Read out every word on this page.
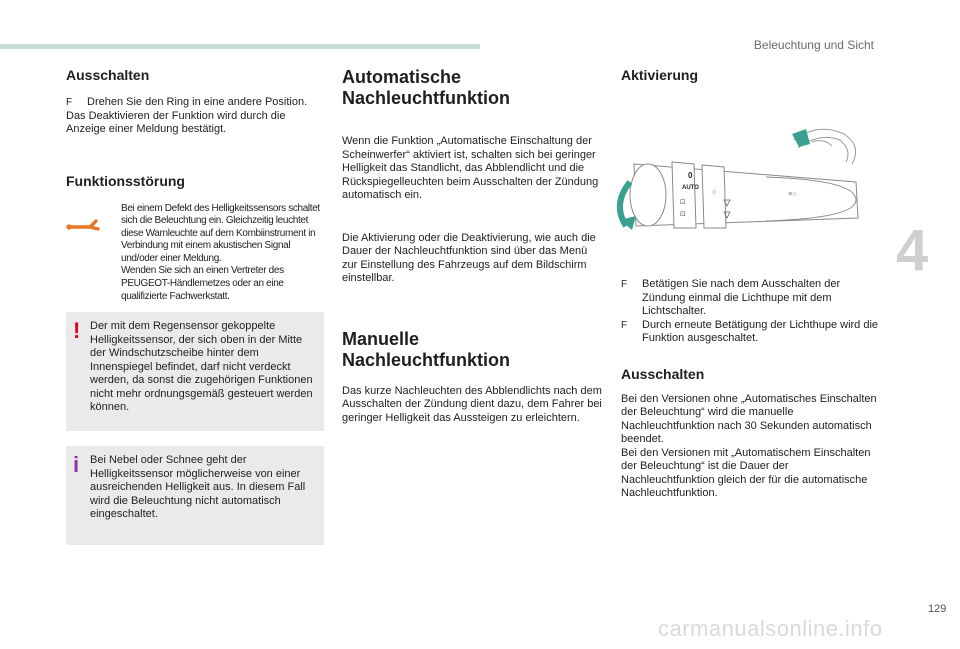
Beleuchtung und Sicht
4
Ausschalten
F	Drehen Sie den Ring in eine andere Position.

Das Deaktivieren der Funktion wird durch die Anzeige einer Meldung bestätigt.

Funktionsstörung

Bei einem Defekt des Helligkeitssensors schaltet sich die Beleuchtung ein. Gleichzeitig leuchtet diese Warnleuchte auf dem Kombiinstrument in Verbindung mit einem akustischen Signal und/oder einer Meldung.

Wenden Sie sich an einen Vertreter des PEUGEOT-Händlernetzes oder an eine qualifizierte Fachwerkstatt.

! Der mit dem Regensensor gekoppelte Helligkeitssensor, der sich oben in der Mitte der Windschutzscheibe hinter dem Innenspiegel befindet, darf nicht verdeckt werden, da sonst die zugehörigen Funktionen nicht mehr ordnungsgemäß gesteuert werden können.
i Bei Nebel oder Schnee geht der Helligkeitssensor möglicherweise von einer ausreichenden Helligkeit aus. In diesem Fall wird die Beleuchtung nicht automatisch eingeschaltet.
Automatische Nachleuchtfunktion

Wenn die Funktion „Automatische Einschaltung der Scheinwerfer“ aktiviert ist, schalten sich bei geringer Helligkeit das Standlicht, das Abblendlicht und die Rückspiegelleuchten beim Ausschalten der Zündung automatisch ein.

Die Aktivierung oder die Deaktivierung, wie auch die Dauer der Nachleuchtfunktion sind über das Menü zur Einstellung des Fahrzeugs auf dem Bildschirm einstellbar.

Manuelle Nachleuchtfunktion

Das kurze Nachleuchten des Abblendlichts nach dem Ausschalten der Zündung dient dazu, dem Fahrer bei geringer Helligkeit das Aussteigen zu erleichtern.

Aktivierung
0
AUTO
⊡
⊡
○	≡○
F	Betätigen Sie nach dem Ausschalten der Zündung einmal die Lichthupe mit dem Lichtschalter.
F	Durch erneute Betätigung der Lichthupe wird die Funktion ausgeschaltet.
Ausschalten

Bei den Versionen ohne „Automatisches Einschalten der Beleuchtung“ wird die manuelle Nachleuchtfunktion nach 30 Sekunden automatisch beendet.

Bei den Versionen mit „Automatischem Einschalten der Beleuchtung“ ist die Dauer der Nachleuchtfunktion gleich der für die automatische Nachleuchtfunktion.

129
carmanualsonline.info
